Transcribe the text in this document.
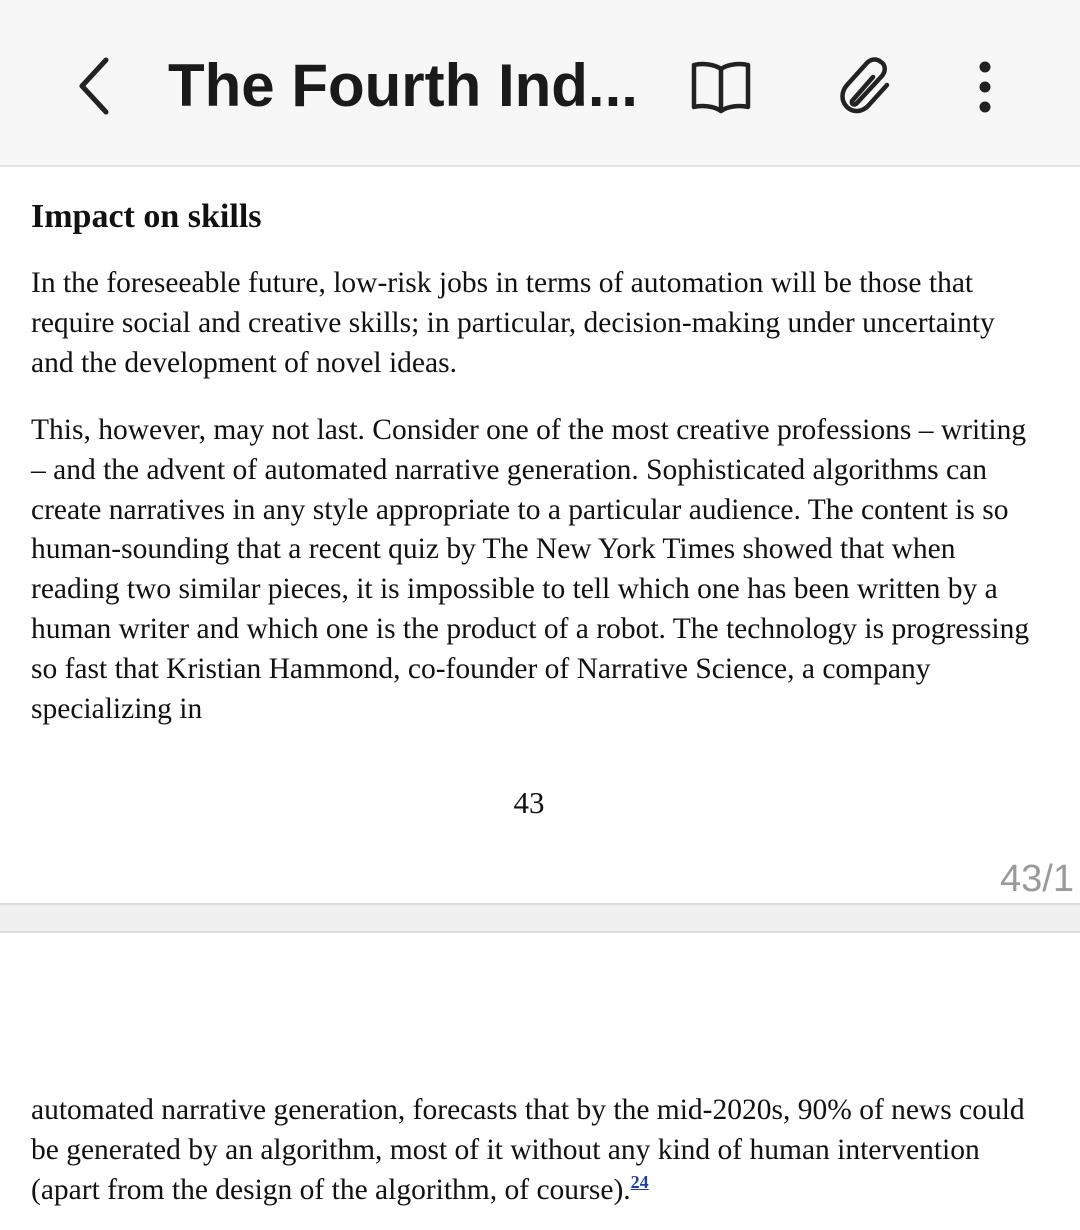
The Fourth Ind...
Impact on skills
In the foreseeable future, low-risk jobs in terms of automation will be those that require social and creative skills; in particular, decision-making under uncertainty and the development of novel ideas.
This, however, may not last. Consider one of the most creative professions – writing – and the advent of automated narrative generation. Sophisticated algorithms can create narratives in any style appropriate to a particular audience. The content is so human-sounding that a recent quiz by The New York Times showed that when reading two similar pieces, it is impossible to tell which one has been written by a human writer and which one is the product of a robot. The technology is progressing so fast that Kristian Hammond, co-founder of Narrative Science, a company specializing in
43
43/1
automated narrative generation, forecasts that by the mid-2020s, 90% of news could be generated by an algorithm, most of it without any kind of human intervention (apart from the design of the algorithm, of course).$^{24}$
